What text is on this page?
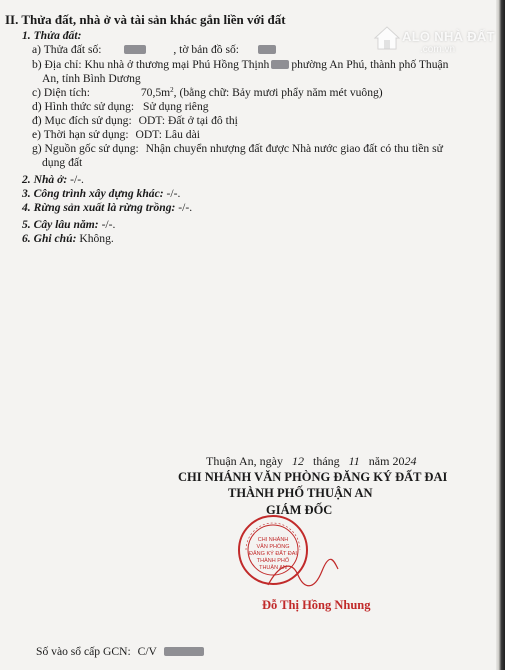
II. Thửa đất, nhà ở và tài sản khác gắn liền với đất
1. Thửa đất:
a) Thửa đất số:	, tờ bản đồ số:
b) Địa chỉ: Khu nhà ở thương mại Phú Hồng Thịnh phường An Phú, thành phố Thuận
An, tỉnh Bình Dương
c) Diện tích:	$70,5m^2$, (bằng chữ: Bảy mươi phẩy năm mét vuông)
d) Hình thức sử dụng: Sử dụng riêng
đ) Mục đích sử dụng: ODT: Đất ở tại đô thị
e) Thời hạn sử dụng: ODT: Lâu dài
g) Nguồn gốc sử dụng: Nhận chuyển nhượng đất được Nhà nước giao đất có thu tiền sử
dụng đất
2. Nhà ở: -/-.
3. Công trình xây dựng khác: -/-.
4. Rừng sản xuất là rừng trồng: -/-.
5. Cây lâu năm: -/-.
6. Ghi chú: Không.
Thuận An, ngày 12 tháng 11 năm 2024
CHI NHÁNH VĂN PHÒNG ĐĂNG KÝ ĐẤT ĐAI
THÀNH PHỐ THUẬN AN
GIÁM ĐỐC
CHI NHÁNH
VĂN PHÒNG
ĐĂNG KÝ ĐẤT ĐAI
THÀNH PHỐ
THUẬN AN
Đỗ Thị Hồng Nhung
Số vào sổ cấp GCN: C/V
ALO NHÀ ĐẤT
.com.vn
